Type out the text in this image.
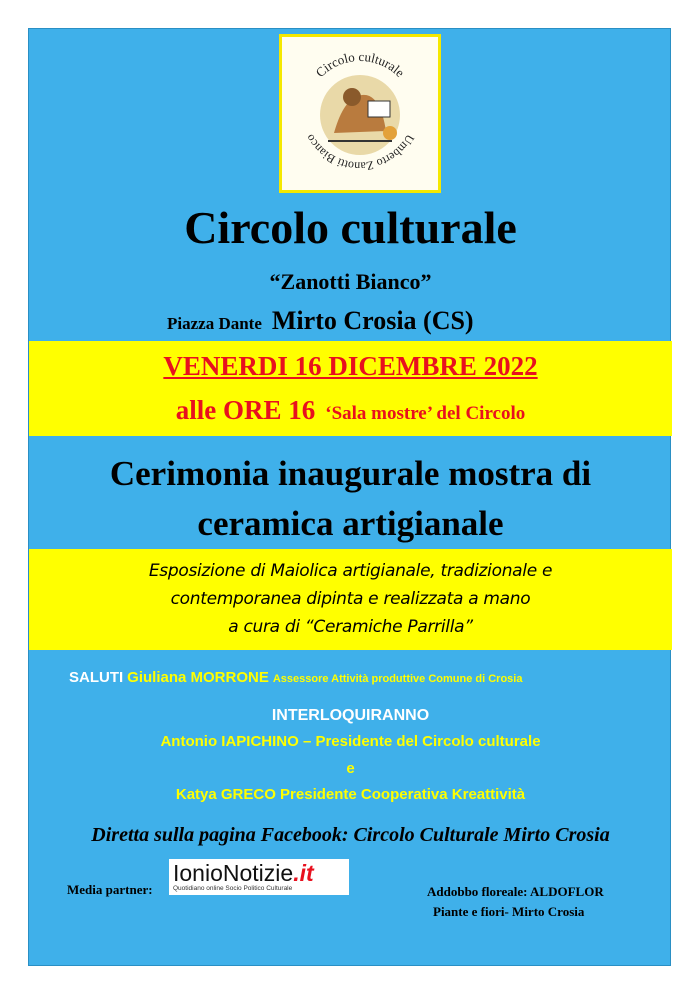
Circolo culturale
Umberto Zanotti Bianco
Circolo culturale
“Zanotti Bianco”
Piazza Dante Mirto Crosia (CS)
VENERDI 16 DICEMBRE 2022
alle ORE 16 ‘Sala mostre’ del Circolo
Cerimonia inaugurale mostra di
ceramica artigianale
Esposizione di Maiolica artigianale, tradizionale e
contemporanea dipinta e realizzata a mano
a cura di “Ceramiche Parrilla”
SALUTI Giuliana MORRONE Assessore Attività produttive Comune di Crosia
INTERLOQUIRANNO
Antonio IAPICHINO – Presidente del Circolo culturale
e
Katya GRECO Presidente Cooperativa Kreattività
Diretta sulla pagina Facebook: Circolo Culturale Mirto Crosia
Media partner:
IonioNotizie.it
Quotidiano online Socio Politico Culturale	Addobbo floreale: ALDOFLOR
Piante e fiori- Mirto Crosia
